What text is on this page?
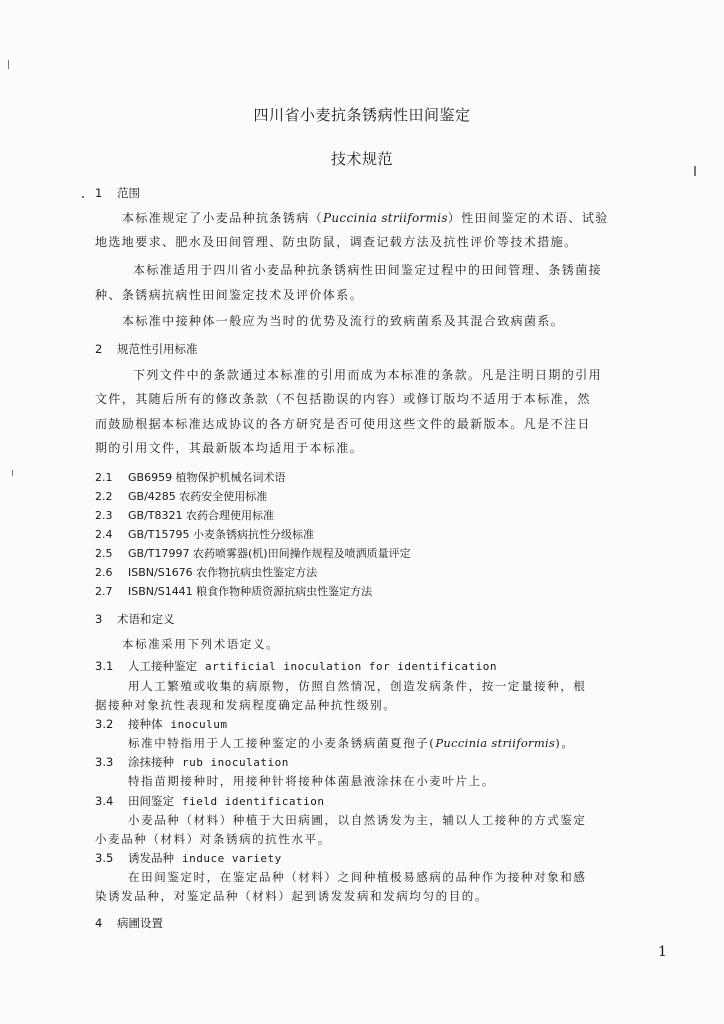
四川省小麦抗条锈病性田间鉴定
技术规范
1 范围
本标准规定了小麦品种抗条锈病（Puccinia striiformis）性田间鉴定的术语、试验
地选地要求、肥水及田间管理、防虫防鼠，调查记载方法及抗性评价等技术措施。
本标准适用于四川省小麦品种抗条锈病性田间鉴定过程中的田间管理、条锈菌接
种、条锈病抗病性田间鉴定技术及评价体系。
本标准中接种体一般应为当时的优势及流行的致病菌系及其混合致病菌系。
2 规范性引用标准
下列文件中的条款通过本标准的引用而成为本标准的条款。凡是注明日期的引用
文件，其随后所有的修改条款（不包括勘误的内容）或修订版均不适用于本标准，然
而鼓励根据本标准达成协议的各方研究是否可使用这些文件的最新版本。凡是不注日
期的引用文件，其最新版本均适用于本标准。
2.1 GB6959 植物保护机械名词术语
2.2 GB/4285 农药安全使用标准
2.3 GB/T8321 农药合理使用标准
2.4 GB/T15795 小麦条锈病抗性分级标准
2.5 GB/T17997 农药喷雾器(机)田间操作规程及喷洒质量评定
2.6 ISBN/S1676 农作物抗病虫性鉴定方法
2.7 ISBN/S1441 粮食作物种质资源抗病虫性鉴定方法
3 术语和定义
本标准采用下列术语定义。
3.1 人工接种鉴定 artificial inoculation for identification
用人工繁殖或收集的病原物，仿照自然情况，创造发病条件，按一定量接种，根
据接种对象抗性表现和发病程度确定品种抗性级别。
3.2 接种体 inoculum
标准中特指用于人工接种鉴定的小麦条锈病菌夏孢子(Puccinia striiformis)。
3.3 涂抹接种 rub inoculation
特指苗期接种时，用接种针将接种体菌悬液涂抹在小麦叶片上。
3.4 田间鉴定 field identification
小麦品种（材料）种植于大田病圃，以自然诱发为主，辅以人工接种的方式鉴定
小麦品种（材料）对条锈病的抗性水平。
3.5 诱发品种 induce variety
在田间鉴定时，在鉴定品种（材料）之间种植极易感病的品种作为接种对象和感
染诱发品种，对鉴定品种（材料）起到诱发发病和发病均匀的目的。
4 病圃设置
1
